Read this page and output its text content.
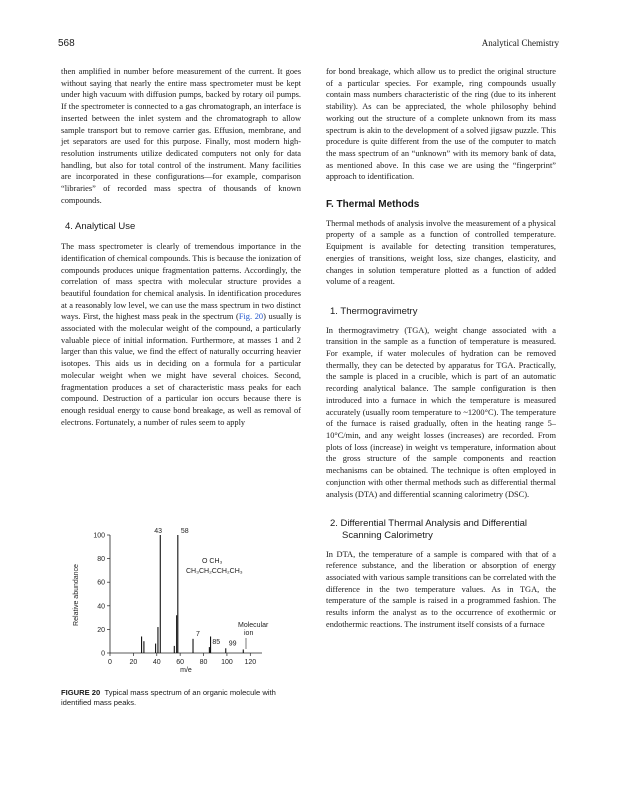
568	Analytical Chemistry

then amplified in number before measurement of the current. It goes without saying that nearly the entire mass spectrometer must be kept under high vacuum with diffusion pumps, backed by rotary oil pumps. If the spectrometer is connected to a gas chromatograph, an interface is inserted between the inlet system and the chromatograph to allow sample transport but to remove carrier gas. Effusion, membrane, and jet separators are used for this purpose. Finally, most modern high-resolution instruments utilize dedicated computers not only for data handling, but also for total control of the instrument. Many facilities are incorporated in these configurations—for example, comparison “libraries” of recorded mass spectra of thousands of known compounds.

4. Analytical Use

The mass spectrometer is clearly of tremendous importance in the identification of chemical compounds. This is because the ionization of compounds produces unique fragmentation patterns. Accordingly, the correlation of mass spectra with molecular structure provides a beautiful foundation for chemical analysis. In identification procedures at a reasonably low level, we can use the mass spectrum in two distinct ways. First, the highest mass peak in the spectrum (Fig. 20) usually is associated with the molecular weight of the compound, a particularly valuable piece of initial information. Furthermore, at masses 1 and 2 larger than this value, we find the effect of naturally occurring heavier isotopes. This aids us in deciding on a formula for a particular molecular weight when we might have several choices. Second, fragmentation produces a set of characteristic mass peaks for each compound. Destruction of a particular ion occurs because there is enough residual energy to cause bond breakage, as well as removal of electrons. Fortunately, a number of rules seem to apply

for bond breakage, which allow us to predict the original structure of a particular species. For example, ring compounds usually contain mass numbers characteristic of the ring (due to its inherent stability). As can be appreciated, the whole philosophy behind working out the structure of a complete unknown from its mass spectrum is akin to the development of a solved jigsaw puzzle. This procedure is quite different from the use of the computer to match the mass spectrum of an “unknown” with its memory bank of data, as mentioned above. In this case we are using the “fingerprint” approach to identification.

F. Thermal Methods

Thermal methods of analysis involve the measurement of a physical property of a sample as a function of controlled temperature. Equipment is available for detecting transition temperatures, energies of transitions, weight loss, size changes, elasticity, and changes in solution temperature plotted as a function of added volume of a reagent.

1. Thermogravimetry

In thermogravimetry (TGA), weight change associated with a transition in the sample as a function of temperature is measured. For example, if water molecules of hydration can be removed thermally, they can be detected by apparatus for TGA. Practically, the sample is placed in a crucible, which is part of an automatic recording analytical balance. The sample configuration is then introduced into a furnace in which the temperature is measured accurately (usually room temperature to ~1200°C). The temperature of the furnace is raised gradually, often in the heating range 5–10°C/min, and any weight losses (increases) are recorded. From plots of loss (increase) in weight vs temperature, information about the gross structure of the sample components and reaction mechanisms can be obtained. The technique is often employed in conjunction with other thermal methods such as differential thermal analysis (DTA) and differential scanning calorimetry (DSC).

2. Differential Thermal Analysis and Differential
Scanning Calorimetry

In DTA, the temperature of a sample is compared with that of a reference substance, and the liberation or absorption of energy associated with various sample transitions can be correlated with the difference in the two temperature values. As in TGA, the temperature of the sample is raised in a programmed fashion. The results inform the analyst as to the occurrence of exothermic or endothermic reactions. The instrument itself consists of a furnace

0
20
40
60
80
100
0	20 40 60 80 100 120
43	58
7
85 99
Relative abundance
m/e
O CH₃
CH₃CH₂CCH₂CH₃
Molecular
ion
FIGURE 20 Typical mass spectrum of an organic molecule with identified mass peaks.
